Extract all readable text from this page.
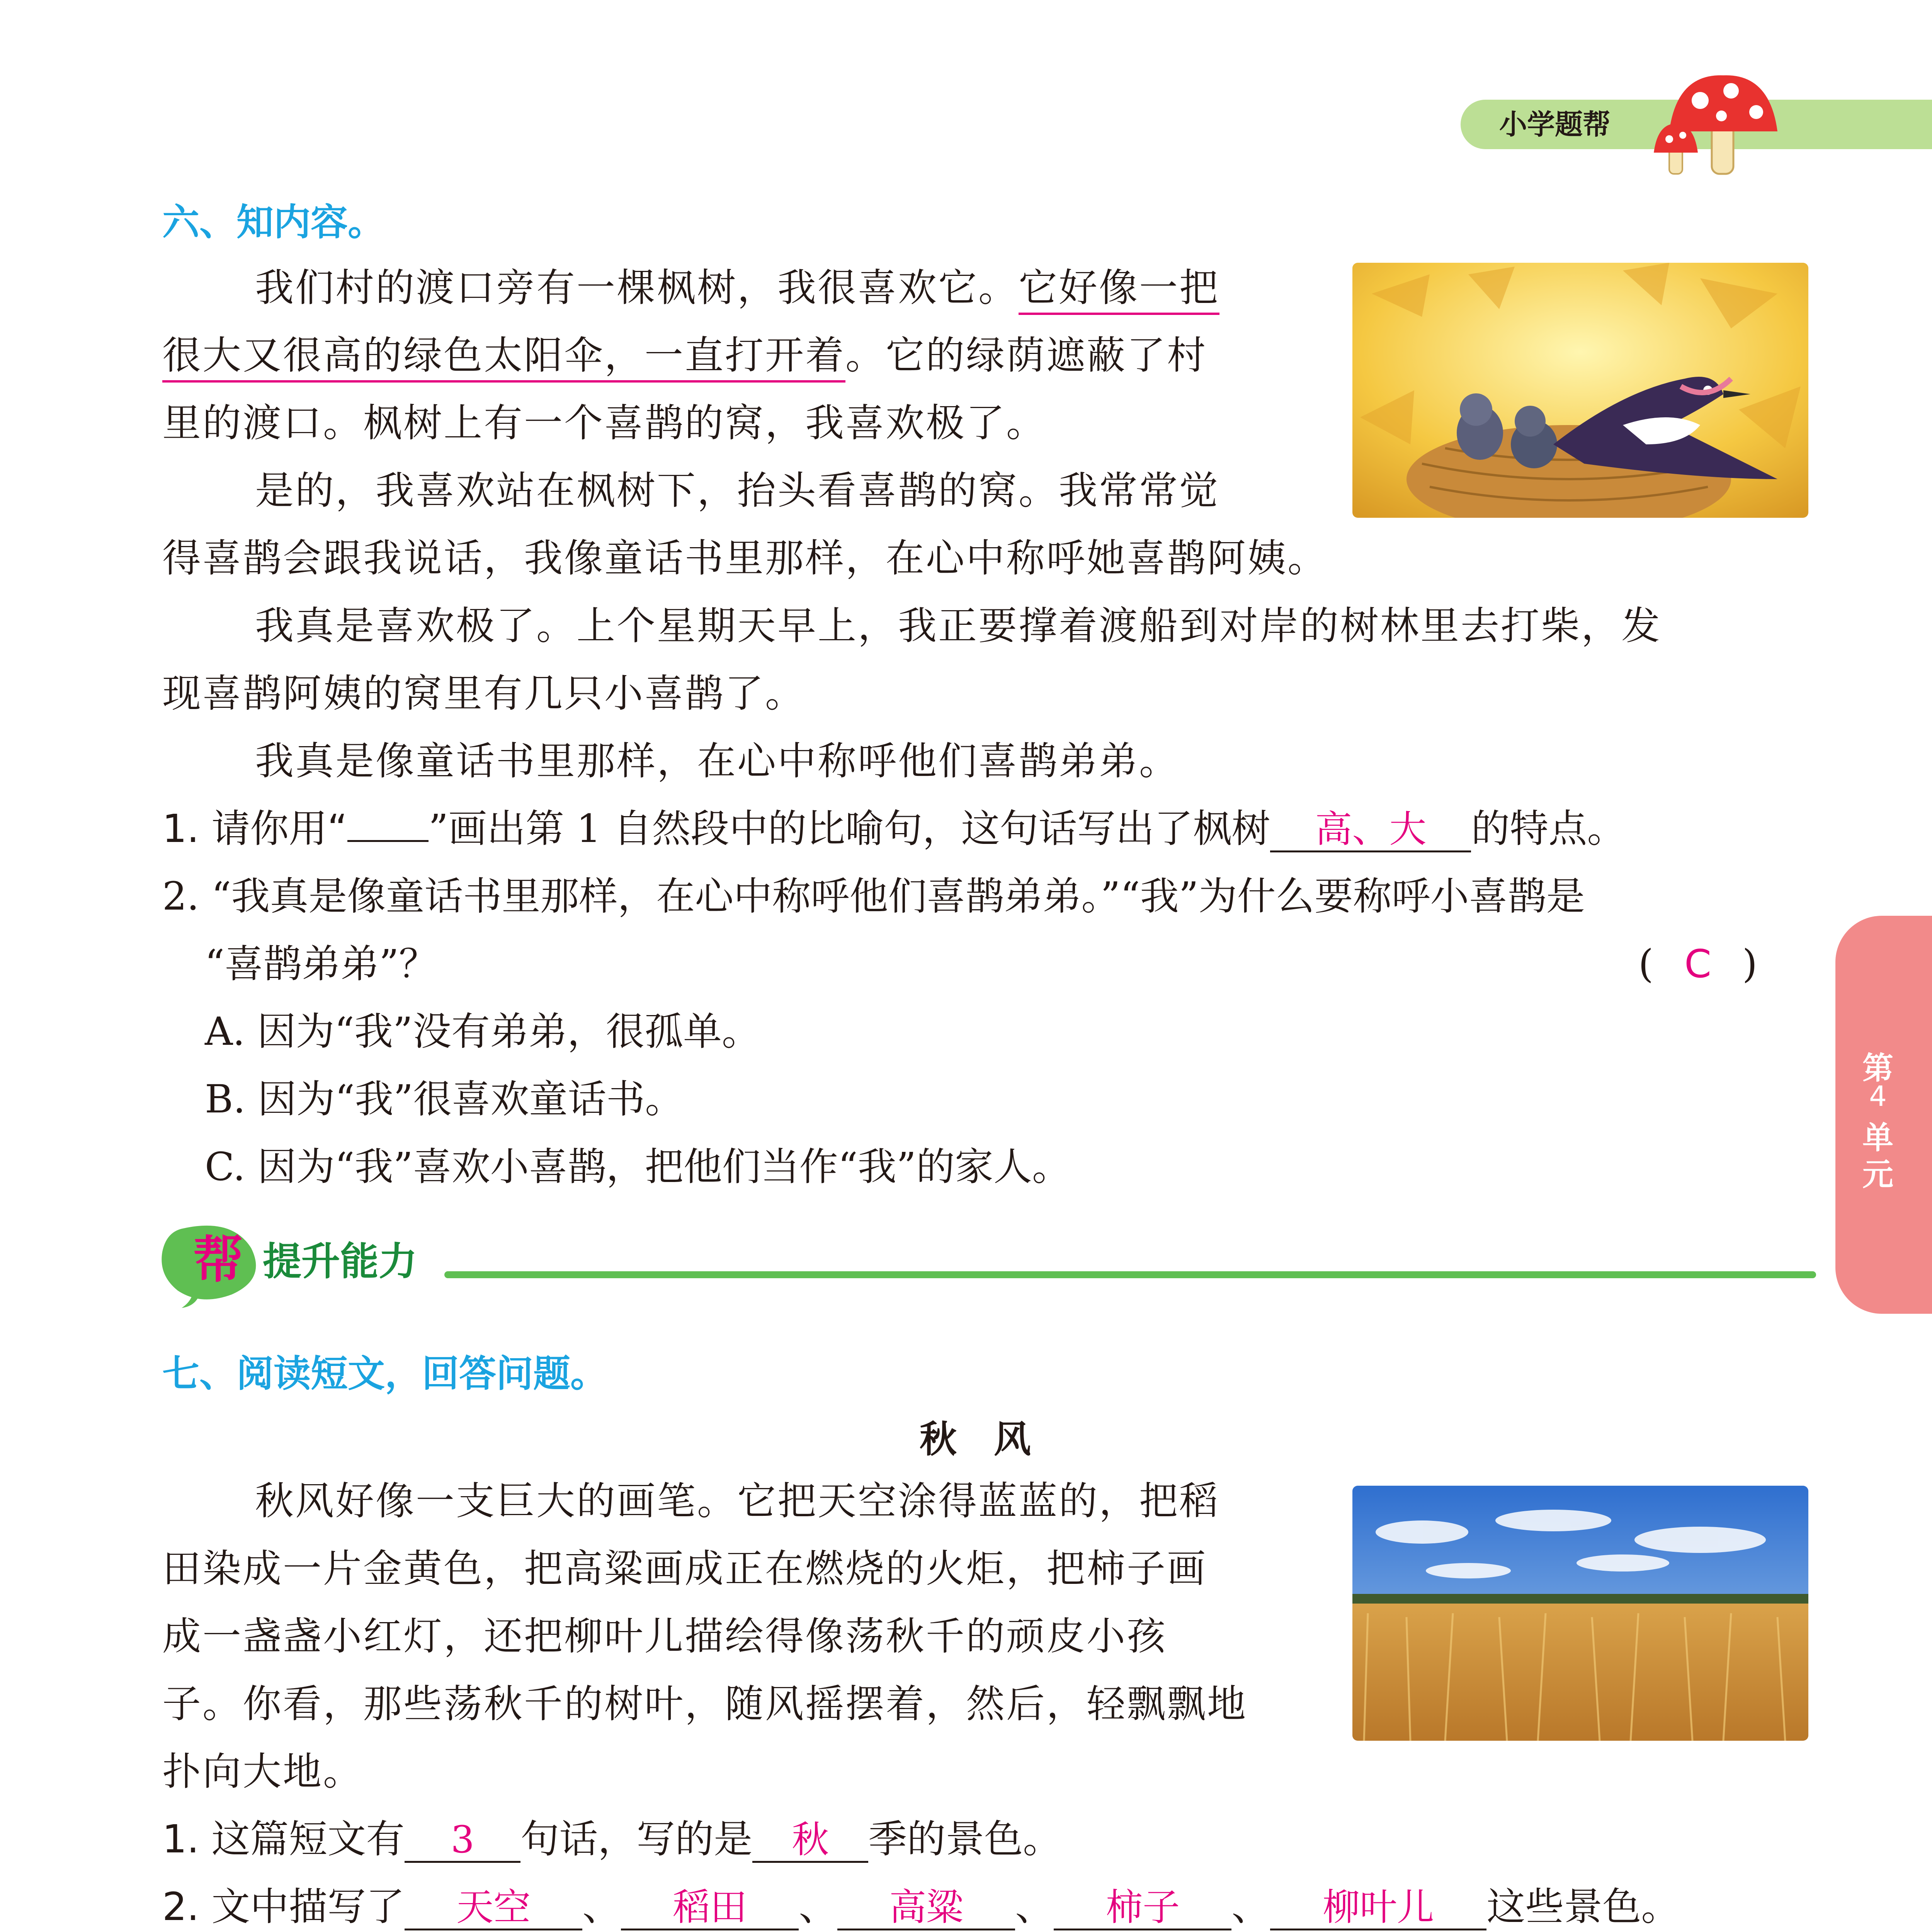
小学题帮
第
4
单
元
六、知内容。
我们村的渡口旁有一棵枫树，我很喜欢它。它好像一把
很大又很高的绿色太阳伞，一直打开着。它的绿荫遮蔽了村
里的渡口。枫树上有一个喜鹊的窝，我喜欢极了。
是的，我喜欢站在枫树下，抬头看喜鹊的窝。我常常觉
得喜鹊会跟我说话，我像童话书里那样，在心中称呼她喜鹊阿姨。
我真是喜欢极了。上个星期天早上，我正要撑着渡船到对岸的树林里去打柴，发
现喜鹊阿姨的窝里有几只小喜鹊了。
我真是像童话书里那样，在心中称呼他们喜鹊弟弟。
1. 请你用“ ”画出第 1 自然段中的比喻句，这句话写出了枫树 高、大 的特点。
2. “我真是像童话书里那样，在心中称呼他们喜鹊弟弟。”“我”为什么要称呼小喜鹊是
“喜鹊弟弟”？	( C )
A. 因为“我”没有弟弟，很孤单。
B. 因为“我”很喜欢童话书。
C. 因为“我”喜欢小喜鹊，把他们当作“我”的家人。
帮 提升能力
七、阅读短文，回答问题。
秋　风
秋风好像一支巨大的画笔。它把天空涂得蓝蓝的，把稻
田染成一片金黄色，把高粱画成正在燃烧的火炬，把柿子画
成一盏盏小红灯，还把柳叶儿描绘得像荡秋千的顽皮小孩
子。你看，那些荡秋千的树叶，随风摇摆着，然后，轻飘飘地
扑向大地。
1. 这篇短文有 3 句话，写的是 秋 季的景色。
2. 文中描写了 天空 、 稻田 、 高粱 、 柿子 、 柳叶儿 这些景色。
